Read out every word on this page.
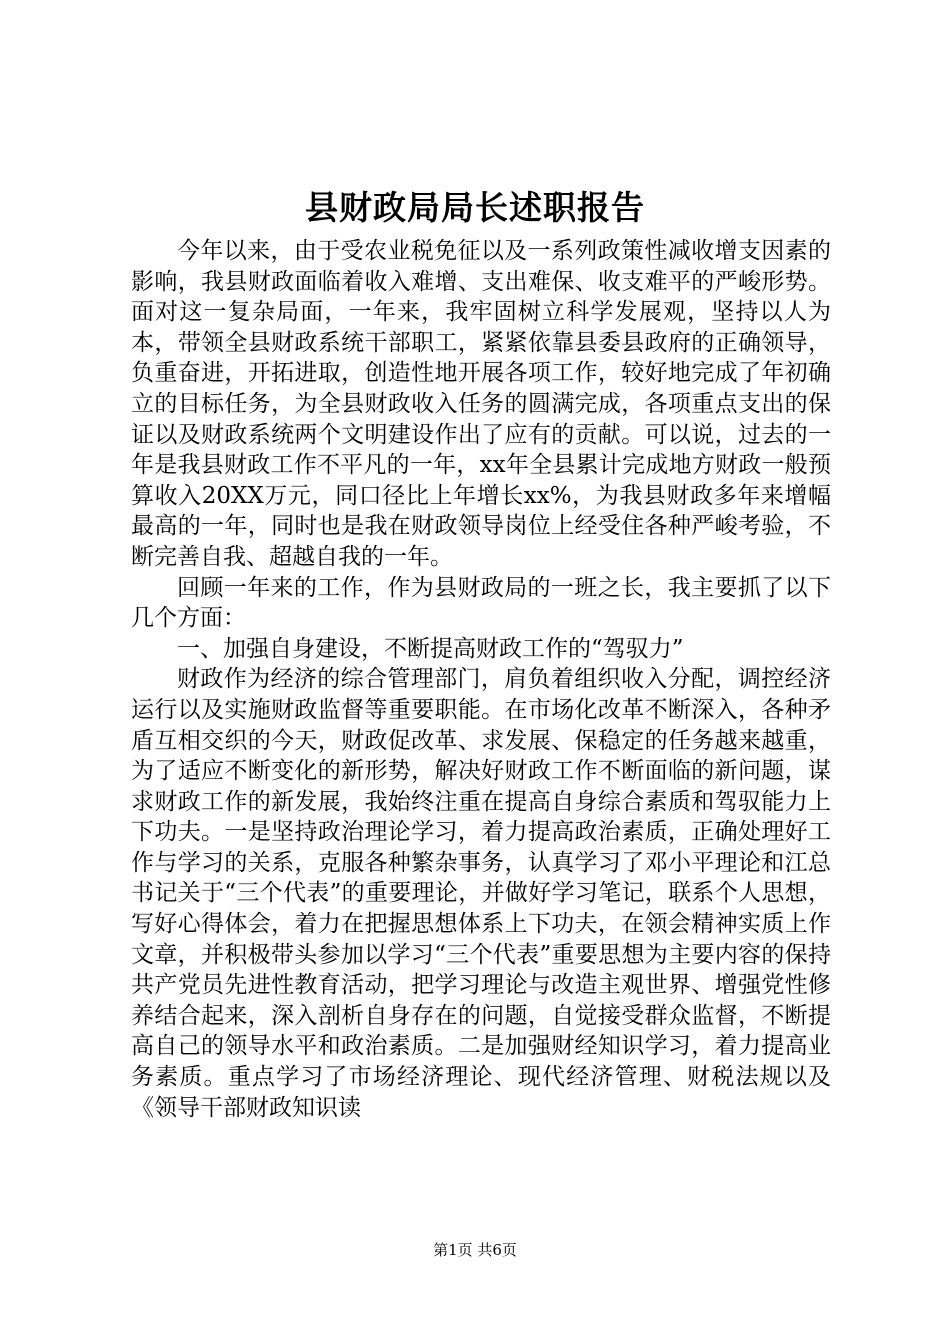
县财政局局长述职报告

今年以来，由于受农业税免征以及一系列政策性减收增支因素的影响，我县财政面临着收入难增、支出难保、收支难平的严峻形势。面对这一复杂局面，一年来，我牢固树立科学发展观，坚持以人为本，带领全县财政系统干部职工，紧紧依靠县委县政府的正确领导，负重奋进，开拓进取，创造性地开展各项工作，较好地完成了年初确立的目标任务，为全县财政收入任务的圆满完成，各项重点支出的保证以及财政系统两个文明建设作出了应有的贡献。可以说，过去的一年是我县财政工作不平凡的一年，xx年全县累计完成地方财政一般预算收入20XX万元，同口径比上年增长xx%，为我县财政多年来增幅最高的一年，同时也是我在财政领导岗位上经受住各种严峻考验，不断完善自我、超越自我的一年。

回顾一年来的工作，作为县财政局的一班之长，我主要抓了以下几个方面：

一、加强自身建设，不断提高财政工作的“驾驭力”

财政作为经济的综合管理部门，肩负着组织收入分配，调控经济运行以及实施财政监督等重要职能。在市场化改革不断深入，各种矛盾互相交织的今天，财政促改革、求发展、保稳定的任务越来越重，为了适应不断变化的新形势，解决好财政工作不断面临的新问题，谋求财政工作的新发展，我始终注重在提高自身综合素质和驾驭能力上下功夫。一是坚持政治理论学习，着力提高政治素质，正确处理好工作与学习的关系，克服各种繁杂事务，认真学习了邓小平理论和江总书记关于“三个代表”的重要理论，并做好学习笔记，联系个人思想，写好心得体会，着力在把握思想体系上下功夫，在领会精神实质上作文章，并积极带头参加以学习“三个代表”重要思想为主要内容的保持共产党员先进性教育活动，把学习理论与改造主观世界、增强党性修养结合起来，深入剖析自身存在的问题，自觉接受群众监督，不断提高自己的领导水平和政治素质。二是加强财经知识学习，着力提高业务素质。重点学习了市场经济理论、现代经济管理、财税法规以及《领导干部财政知识读

第1页 共6页
